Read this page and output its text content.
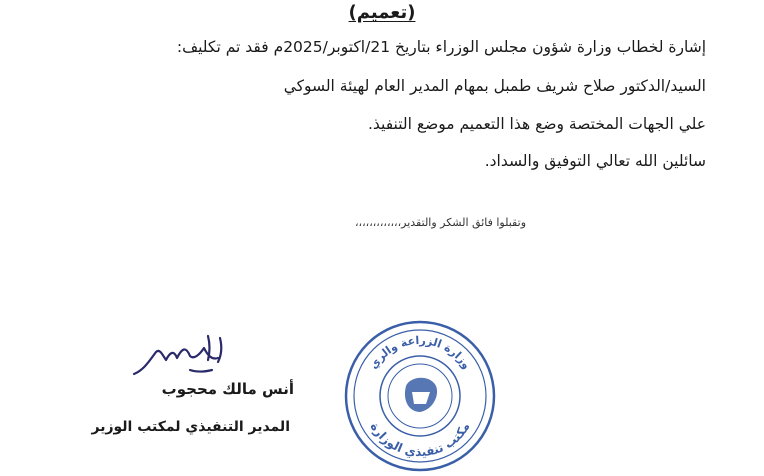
(تعميم)
إشارة لخطاب وزارة شؤون مجلس الوزراء بتاريخ 21/اكتوبر/2025م فقد تم تكليف:
السيد/الدكتور صلاح شريف طمبل بمهام المدير العام لهيئة السوكي
علي الجهات المختصة وضع هذا التعميم موضع التنفيذ.
سائلين الله تعالي التوفيق والسداد.
وتقبلوا فائق الشكر والتقدير،،،،،،،،،،،،،
وزارة الزراعة والري
مكتب تنفيذي الوزارة
أنس مالك محجوب
المدير التنفيذي لمكتب الوزير
